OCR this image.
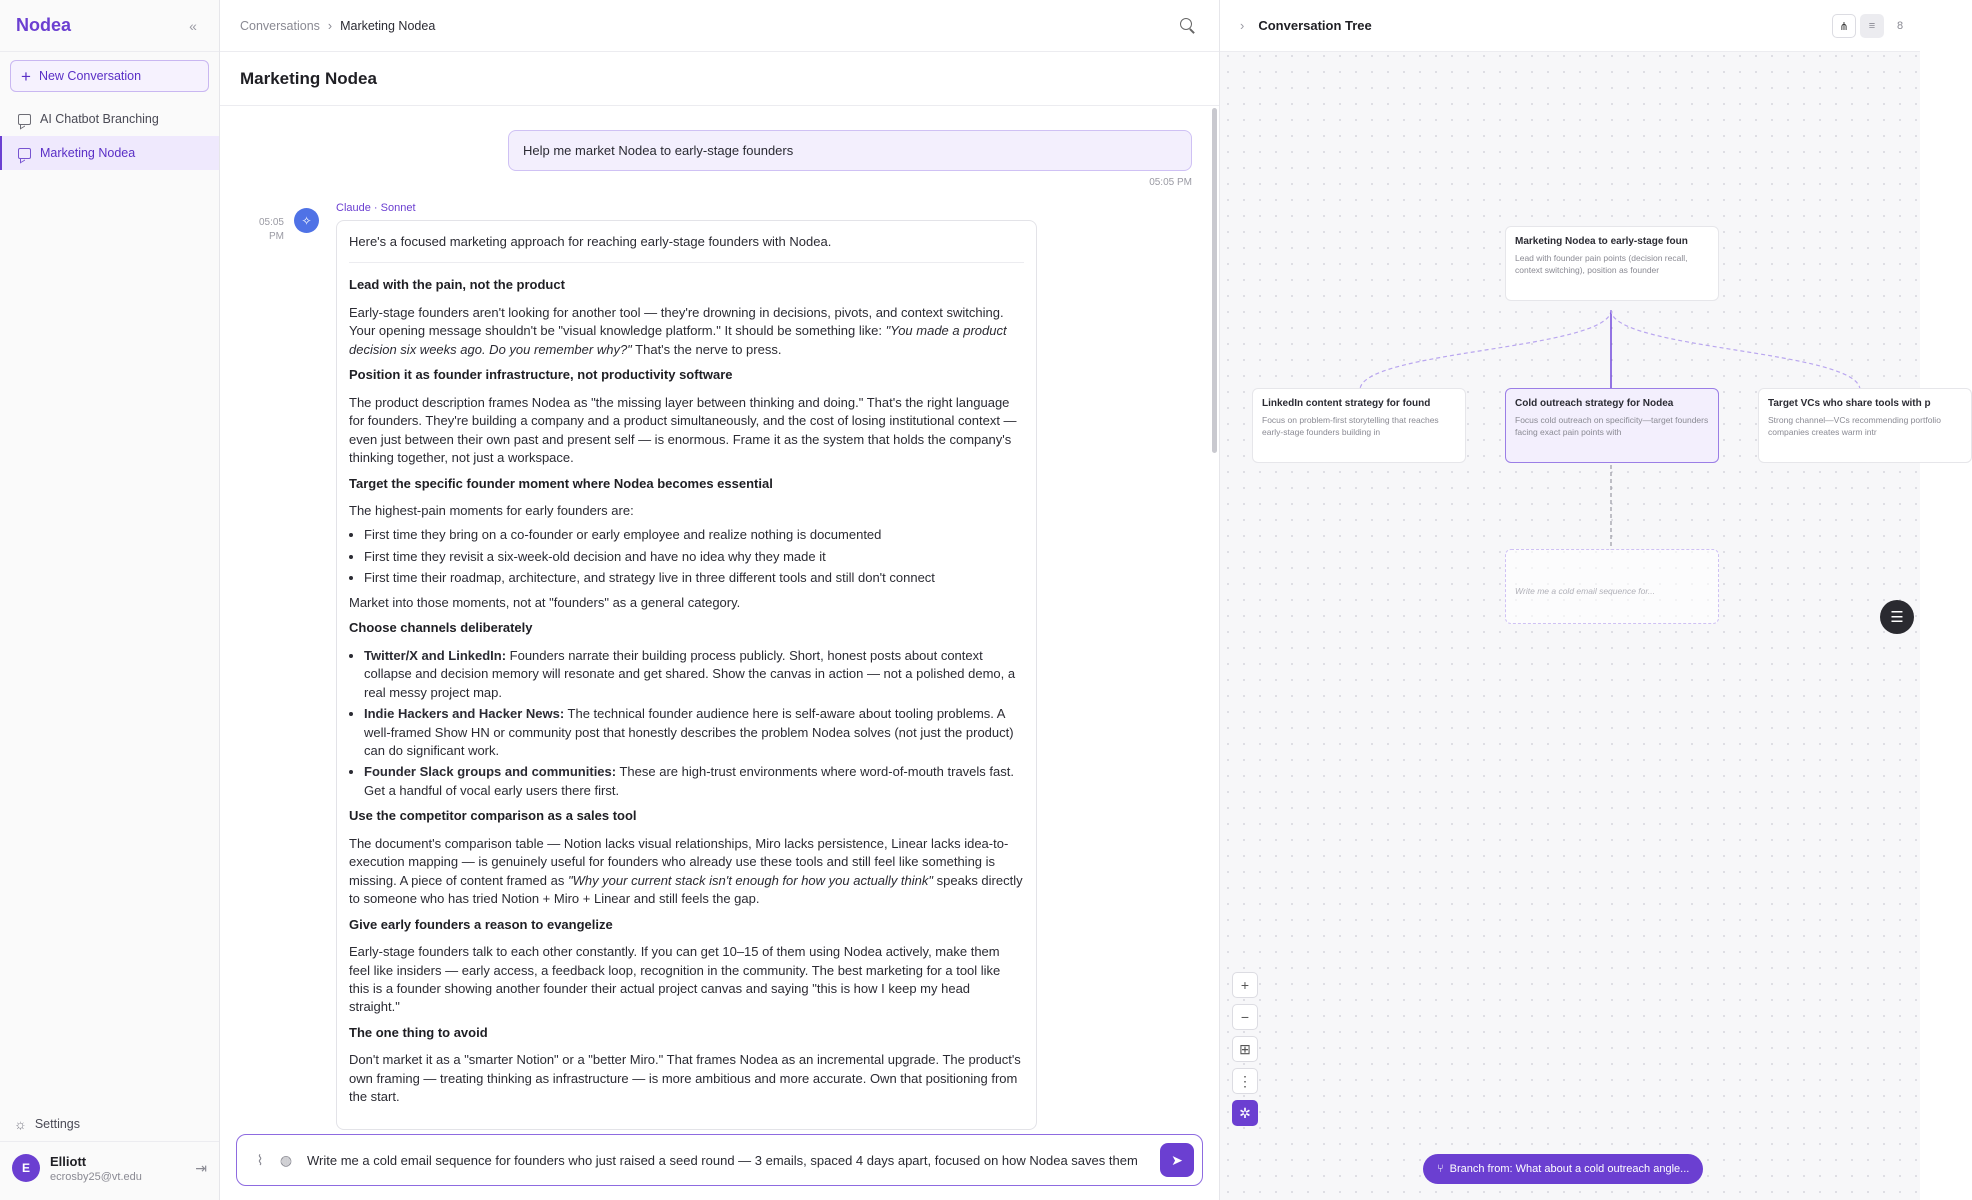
Nodea	«
+ New Conversation
AI Chatbot Branching
Marketing Nodea
☼ Settings
E	Elliott
ecrosby25@vt.edu
⇥
Conversations › Marketing Nodea
Marketing Nodea
Help me market Nodea to early-stage founders
05:05 PM
05:05
PM
✧
Claude · Sonnet
Here's a focused marketing approach for reaching early-stage founders with Nodea.
Lead with the pain, not the product

Early-stage founders aren't looking for another tool — they're drowning in decisions, pivots, and context switching. Your opening message shouldn't be "visual knowledge platform." It should be something like: "You made a product decision six weeks ago. Do you remember why?" That's the nerve to press.

Position it as founder infrastructure, not productivity software

The product description frames Nodea as "the missing layer between thinking and doing." That's the right language for founders. They're building a company and a product simultaneously, and the cost of losing institutional context — even just between their own past and present self — is enormous. Frame it as the system that holds the company's thinking together, not just a workspace.

Target the specific founder moment where Nodea becomes essential

The highest-pain moments for early founders are:

• First time they bring on a co-founder or early employee and realize nothing is documented
• First time they revisit a six-week-old decision and have no idea why they made it
• First time their roadmap, architecture, and strategy live in three different tools and still don't connect

Market into those moments, not at "founders" as a general category.

Choose channels deliberately
• Twitter/X and LinkedIn: Founders narrate their building process publicly. Short, honest posts about context collapse and decision memory will resonate and get shared. Show the canvas in action — not a polished demo, a real messy project map.
• Indie Hackers and Hacker News: The technical founder audience here is self-aware about tooling problems. A well-framed Show HN or community post that honestly describes the problem Nodea solves (not just the product) can do significant work.
• Founder Slack groups and communities: These are high-trust environments where word-of-mouth travels fast. Get a handful of vocal early users there first.
Use the competitor comparison as a sales tool

The document's comparison table — Notion lacks visual relationships, Miro lacks persistence, Linear lacks idea-to-execution mapping — is genuinely useful for founders who already use these tools and still feel like something is missing. A piece of content framed as "Why your current stack isn't enough for how you actually think" speaks directly to someone who has tried Notion + Miro + Linear and still feels the gap.

Give early founders a reason to evangelize

Early-stage founders talk to each other constantly. If you can get 10–15 of them using Nodea actively, make them feel like insiders — early access, a feedback loop, recognition in the community. The best marketing for a tool like this is a founder showing another founder their actual project canvas and saying "this is how I keep my head straight."

The one thing to avoid

Don't market it as a "smarter Notion" or a "better Miro." That frames Nodea as an incremental upgrade. The product's own framing — treating thinking as infrastructure — is more ambitious and more accurate. Own that positioning from the start.

⌇	◍	Write me a cold email sequence for founders who just raised a seed round — 3 emails, spaced 4 days apart, focused on how Nodea saves them	➤
› Conversation Tree	⋔	≡	8
Marketing Nodea to early-stage foun
Lead with founder pain points (decision recall, context switching), position as founder
LinkedIn content strategy for found
Focus on problem-first storytelling that reaches early-stage founders building in
Cold outreach strategy for Nodea
Focus cold outreach on specificity—target founders facing exact pain points with
Target VCs who share tools with p
Strong channel—VCs recommending portfolio companies creates warm intr
Write me a cold email sequence for...
☰
+
−
⊞
⋮
✲
⑂ Branch from: What about a cold outreach angle...
